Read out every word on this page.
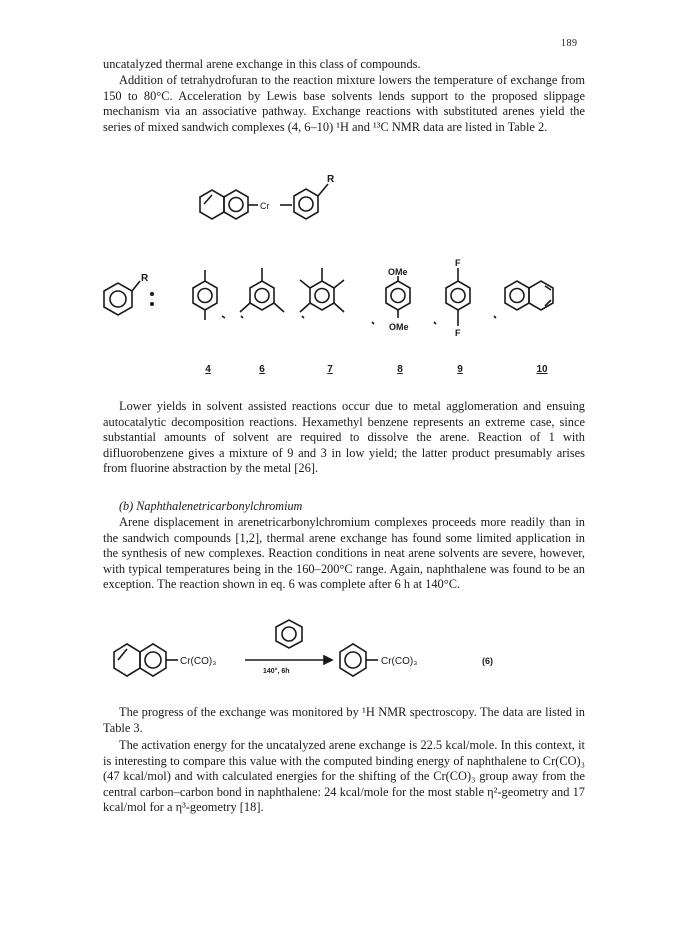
189

uncatalyzed thermal arene exchange in this class of compounds.

Addition of tetrahydrofuran to the reaction mixture lowers the temperature of exchange from 150 to 80°C. Acceleration by Lewis base solvents lends support to the proposed slippage mechanism via an associative pathway. Exchange reactions with substituted arenes yield the series of mixed sandwich complexes (4, 6–10) ¹H and ¹³C NMR data are listed in Table 2.

Cr
R
R
OMe
OMe
F
F
4	6	7	8	9	10

Lower yields in solvent assisted reactions occur due to metal agglomeration and ensuing autocatalytic decomposition reactions. Hexamethyl benzene represents an extreme case, since substantial amounts of solvent are required to dissolve the arene. Reaction of 1 with difluorobenzene gives a mixture of 9 and 3 in low yield; the latter product presumably arises from fluorine abstraction by the metal [26].

(b) Naphthalenetricarbonylchromium

Arene displacement in arenetricarbonylchromium complexes proceeds more readily than in the sandwich compounds [1,2], thermal arene exchange has found some limited application in the synthesis of new complexes. Reaction conditions in neat arene solvents are severe, however, with typical temperatures being in the 160–200°C range. Again, naphthalene was found to be an exception. The reaction shown in eq. 6 was complete after 6 h at 140°C.

Cr(CO)₃	Cr(CO)₃
140°, 6h
(6)

The progress of the exchange was monitored by ¹H NMR spectroscopy. The data are listed in Table 3.

The activation energy for the uncatalyzed arene exchange is 22.5 kcal/mole. In this context, it is interesting to compare this value with the computed binding energy of naphthalene to Cr(CO)₃ (47 kcal/mol) and with calculated energies for the shifting of the Cr(CO)₃ group away from the central carbon–carbon bond in naphthalene: 24 kcal/mole for the most stable η²-geometry and 17 kcal/mol for a η³-geometry [18].
